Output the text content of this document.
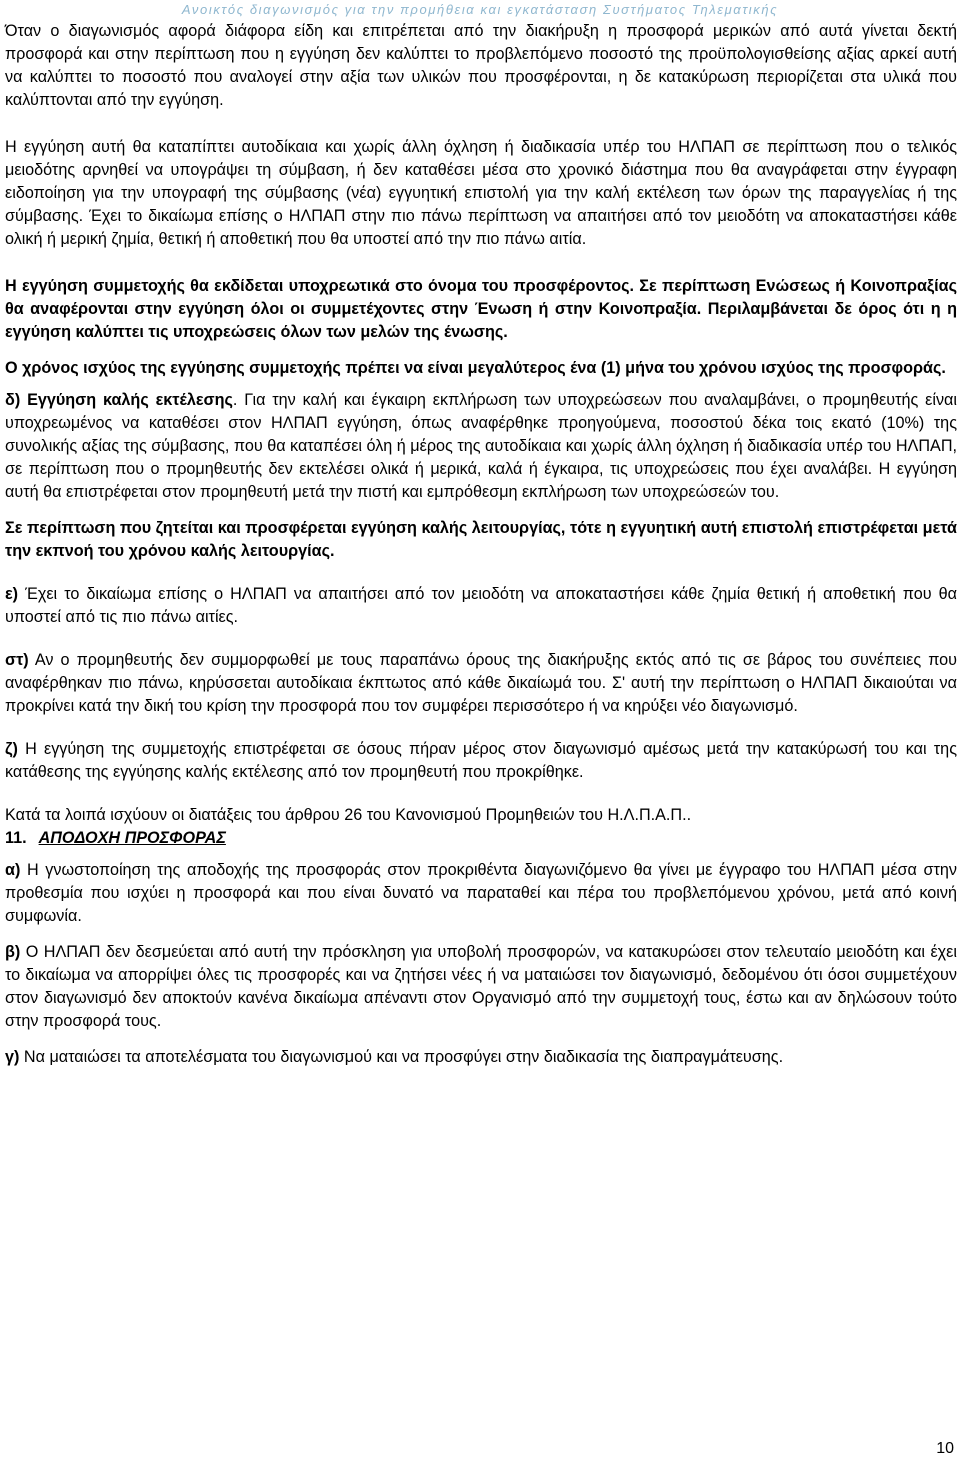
Ανοικτός διαγωνισμός για την προμήθεια και εγκατάσταση Συστήματος Τηλεματικής

Όταν ο διαγωνισμός αφορά διάφορα είδη και επιτρέπεται από την διακήρυξη η προσφορά μερικών από αυτά γίνεται δεκτή προσφορά και στην περίπτωση που η εγγύηση δεν καλύπτει το προβλεπόμενο ποσοστό της προϋπολογισθείσης αξίας αρκεί αυτή να καλύπτει το ποσοστό που αναλογεί στην αξία των υλικών που προσφέρονται, η δε κατακύρωση περιορίζεται στα υλικά που καλύπτονται από την εγγύηση.

Η εγγύηση αυτή θα καταπίπτει αυτοδίκαια και χωρίς άλλη όχληση ή διαδικασία υπέρ του ΗΛΠΑΠ σε περίπτωση που ο τελικός μειοδότης αρνηθεί να υπογράψει τη σύμβαση, ή δεν καταθέσει μέσα στο χρονικό διάστημα που θα αναγράφεται στην έγγραφη ειδοποίηση για την υπογραφή της σύμβασης (νέα) εγγυητική επιστολή για την καλή εκτέλεση των όρων της παραγγελίας ή της σύμβασης. Έχει το δικαίωμα επίσης ο ΗΛΠΑΠ στην πιο πάνω περίπτωση να απαιτήσει από τον μειοδότη να αποκαταστήσει κάθε ολική ή μερική ζημία, θετική ή αποθετική που θα υποστεί από την πιο πάνω αιτία.

Η εγγύηση συμμετοχής θα εκδίδεται υποχρεωτικά στο όνομα του προσφέροντος. Σε περίπτωση Ενώσεως ή Κοινοπραξίας θα αναφέρονται στην εγγύηση όλοι οι συμμετέχοντες στην Ένωση ή στην Κοινοπραξία. Περιλαμβάνεται δε όρος ότι η η εγγύηση καλύπτει τις υποχρεώσεις όλων των μελών της ένωσης.

Ο χρόνος ισχύος της εγγύησης συμμετοχής πρέπει να είναι μεγαλύτερος ένα (1) μήνα του χρόνου ισχύος της προσφοράς.

δ) Εγγύηση καλής εκτέλεσης. Για την καλή και έγκαιρη εκπλήρωση των υποχρεώσεων που αναλαμβάνει, ο προμηθευτής είναι υποχρεωμένος να καταθέσει στον ΗΛΠΑΠ εγγύηση, όπως αναφέρθηκε προηγούμενα, ποσοστού δέκα τοις εκατό (10%) της συνολικής αξίας της σύμβασης, που θα καταπέσει όλη ή μέρος της αυτοδίκαια και χωρίς άλλη όχληση ή διαδικασία υπέρ του ΗΛΠΑΠ, σε περίπτωση που ο προμηθευτής δεν εκτελέσει ολικά ή μερικά, καλά ή έγκαιρα, τις υποχρεώσεις που έχει αναλάβει. Η εγγύηση αυτή θα επιστρέφεται στον προμηθευτή μετά την πιστή και εμπρόθεσμη εκπλήρωση των υποχρεώσεών του.

Σε περίπτωση που ζητείται και προσφέρεται εγγύηση καλής λειτουργίας, τότε η εγγυητική αυτή επιστολή επιστρέφεται μετά την εκπνοή του χρόνου καλής λειτουργίας.

ε) Έχει το δικαίωμα επίσης ο ΗΛΠΑΠ να απαιτήσει από τον μειοδότη να αποκαταστήσει κάθε ζημία θετική ή αποθετική που θα υποστεί από τις πιο πάνω αιτίες.

στ) Αν ο προμηθευτής δεν συμμορφωθεί με τους παραπάνω όρους της διακήρυξης εκτός από τις σε βάρος του συνέπειες που αναφέρθηκαν πιο πάνω, κηρύσσεται αυτοδίκαια έκπτωτος από κάθε δικαίωμά του. Σ' αυτή την περίπτωση ο ΗΛΠΑΠ δικαιούται να προκρίνει κατά την δική του κρίση την προσφορά που τον συμφέρει περισσότερο ή να κηρύξει νέο διαγωνισμό.

ζ) Η εγγύηση της συμμετοχής επιστρέφεται σε όσους πήραν μέρος στον διαγωνισμό αμέσως μετά την κατακύρωσή του και της κατάθεσης της εγγύησης καλής εκτέλεσης από τον προμηθευτή που προκρίθηκε.

Κατά τα λοιπά ισχύουν οι διατάξεις του άρθρου 26 του Κανονισμού Προμηθειών του Η.Λ.Π.Α.Π..

11. ΑΠΟΔΟΧΗ ΠΡΟΣΦΟΡΑΣ

α) Η γνωστοποίηση της αποδοχής της προσφοράς στον προκριθέντα διαγωνιζόμενο θα γίνει με έγγραφο του ΗΛΠΑΠ μέσα στην προθεσμία που ισχύει η προσφορά και που είναι δυνατό να παραταθεί και πέρα του προβλεπόμενου χρόνου, μετά από κοινή συμφωνία.

β) Ο ΗΛΠΑΠ δεν δεσμεύεται από αυτή την πρόσκληση για υποβολή προσφορών, να κατακυρώσει στον τελευταίο μειοδότη και έχει το δικαίωμα να απορρίψει όλες τις προσφορές και να ζητήσει νέες ή να ματαιώσει τον διαγωνισμό, δεδομένου ότι όσοι συμμετέχουν στον διαγωνισμό δεν αποκτούν κανένα δικαίωμα απέναντι στον Οργανισμό από την συμμετοχή τους, έστω και αν δηλώσουν τούτο στην προσφορά τους.

γ) Να ματαιώσει τα αποτελέσματα του διαγωνισμού και να προσφύγει στην διαδικασία της διαπραγμάτευσης.

10
